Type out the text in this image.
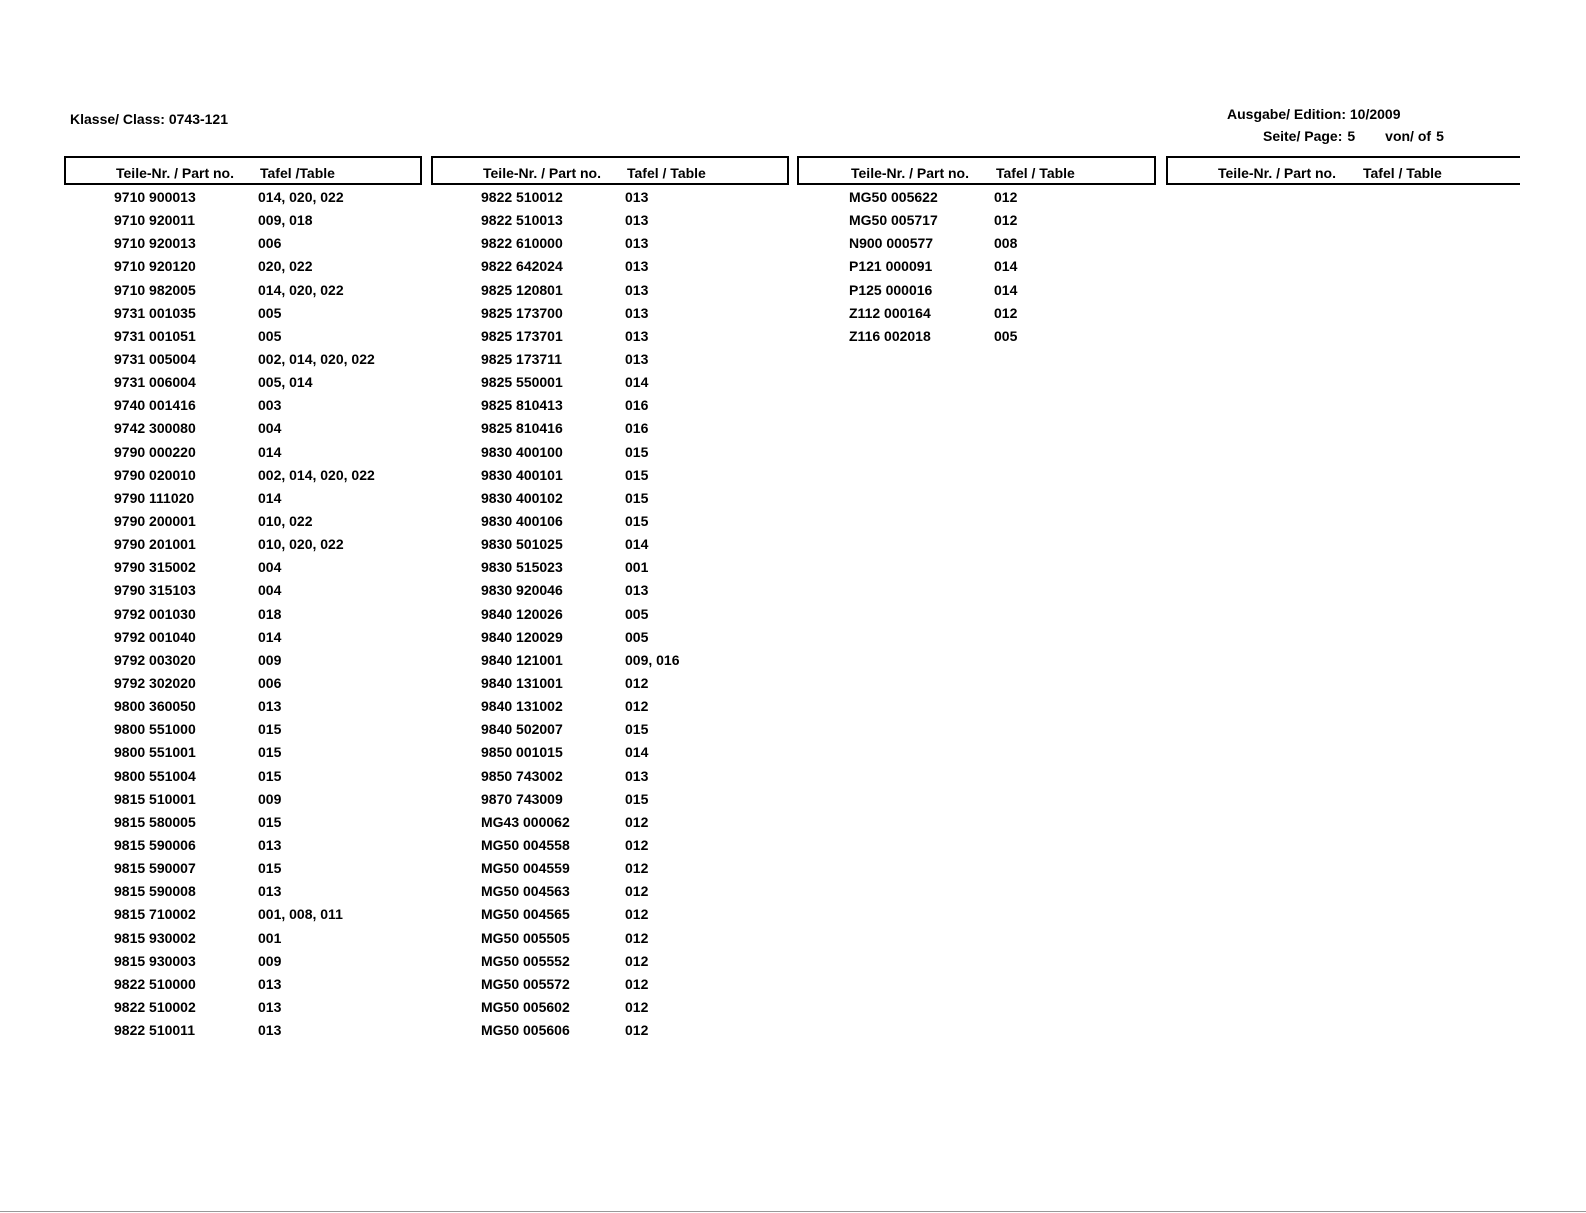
Klasse/ Class: 0743-121	Ausgabe/ Edition: 10/2009
Seite/ Page: 5 von/ of 5
Teile-Nr. / Part no. Tafel /Table
9710 900013	014, 020, 022
9710 920011	009, 018
9710 920013	006
9710 920120	020, 022
9710 982005	014, 020, 022
9731 001035	005
9731 001051	005
9731 005004	002, 014, 020, 022
9731 006004	005, 014
9740 001416	003
9742 300080	004
9790 000220	014
9790 020010	002, 014, 020, 022
9790 111020	014
9790 200001	010, 022
9790 201001	010, 020, 022
9790 315002	004
9790 315103	004
9792 001030	018
9792 001040	014
9792 003020	009
9792 302020	006
9800 360050	013
9800 551000	015
9800 551001	015
9800 551004	015
9815 510001	009
9815 580005	015
9815 590006	013
9815 590007	015
9815 590008	013
9815 710002	001, 008, 011
9815 930002	001
9815 930003	009
9822 510000	013
9822 510002	013
9822 510011	013
Teile-Nr. / Part no. Tafel / Table
9822 510012	013
9822 510013	013
9822 610000	013
9822 642024	013
9825 120801	013
9825 173700	013
9825 173701	013
9825 173711	013
9825 550001	014
9825 810413	016
9825 810416	016
9830 400100	015
9830 400101	015
9830 400102	015
9830 400106	015
9830 501025	014
9830 515023	001
9830 920046	013
9840 120026	005
9840 120029	005
9840 121001	009, 016
9840 131001	012
9840 131002	012
9840 502007	015
9850 001015	014
9850 743002	013
9870 743009	015
MG43 000062	012
MG50 004558	012
MG50 004559	012
MG50 004563	012
MG50 004565	012
MG50 005505	012
MG50 005552	012
MG50 005572	012
MG50 005602	012
MG50 005606	012
Teile-Nr. / Part no. Tafel / Table
MG50 005622	012
MG50 005717	012
N900 000577	008
P121 000091	014
P125 000016	014
Z112 000164	012
Z116 002018	005
Teile-Nr. / Part no. Tafel / Table
